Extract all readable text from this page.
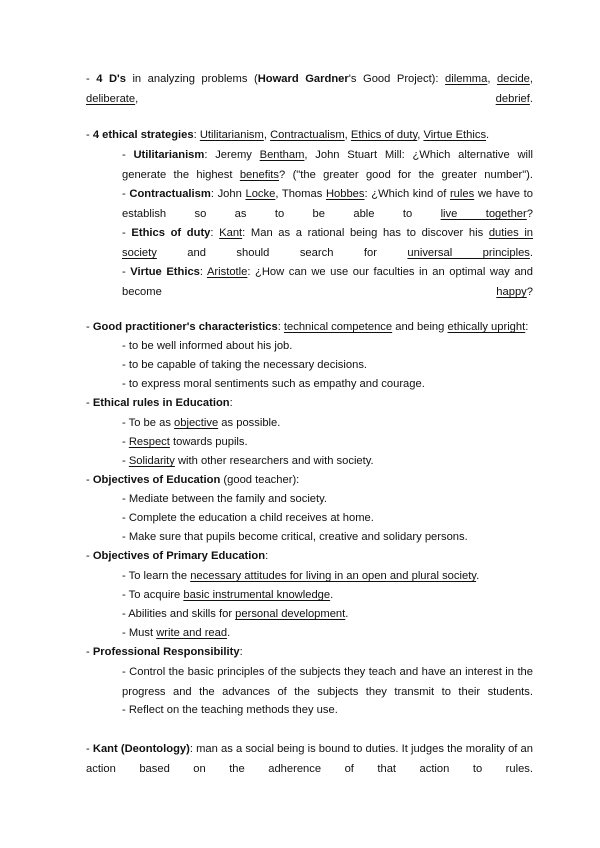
- 4 D's in analyzing problems (Howard Gardner's Good Project): dilemma, decide, deliberate, debrief.
- 4 ethical strategies: Utilitarianism, Contractualism, Ethics of duty, Virtue Ethics.
- Utilitarianism: Jeremy Bentham, John Stuart Mill: ¿Which alternative will generate the highest benefits? ("the greater good for the greater number").
- Contractualism: John Locke, Thomas Hobbes: ¿Which kind of rules we have to establish so as to be able to live together?
- Ethics of duty: Kant: Man as a rational being has to discover his duties in society and should search for universal principles.
- Virtue Ethics: Aristotle: ¿How can we use our faculties in an optimal way and become happy?
- Good practitioner's characteristics: technical competence and being ethically upright:
- to be well informed about his job.
- to be capable of taking the necessary decisions.
- to express moral sentiments such as empathy and courage.
- Ethical rules in Education:
- To be as objective as possible.
- Respect towards pupils.
- Solidarity with other researchers and with society.
- Objectives of Education (good teacher):
- Mediate between the family and society.
- Complete the education a child receives at home.
- Make sure that pupils become critical, creative and solidary persons.
- Objectives of Primary Education:
- To learn the necessary attitudes for living in an open and plural society.
- To acquire basic instrumental knowledge.
- Abilities and skills for personal development.
- Must write and read.
- Professional Responsibility:
- Control the basic principles of the subjects they teach and have an interest in the progress and the advances of the subjects they transmit to their students.
- Reflect on the teaching methods they use.
- Kant (Deontology): man as a social being is bound to duties. It judges the morality of an action based on the adherence of that action to rules.
